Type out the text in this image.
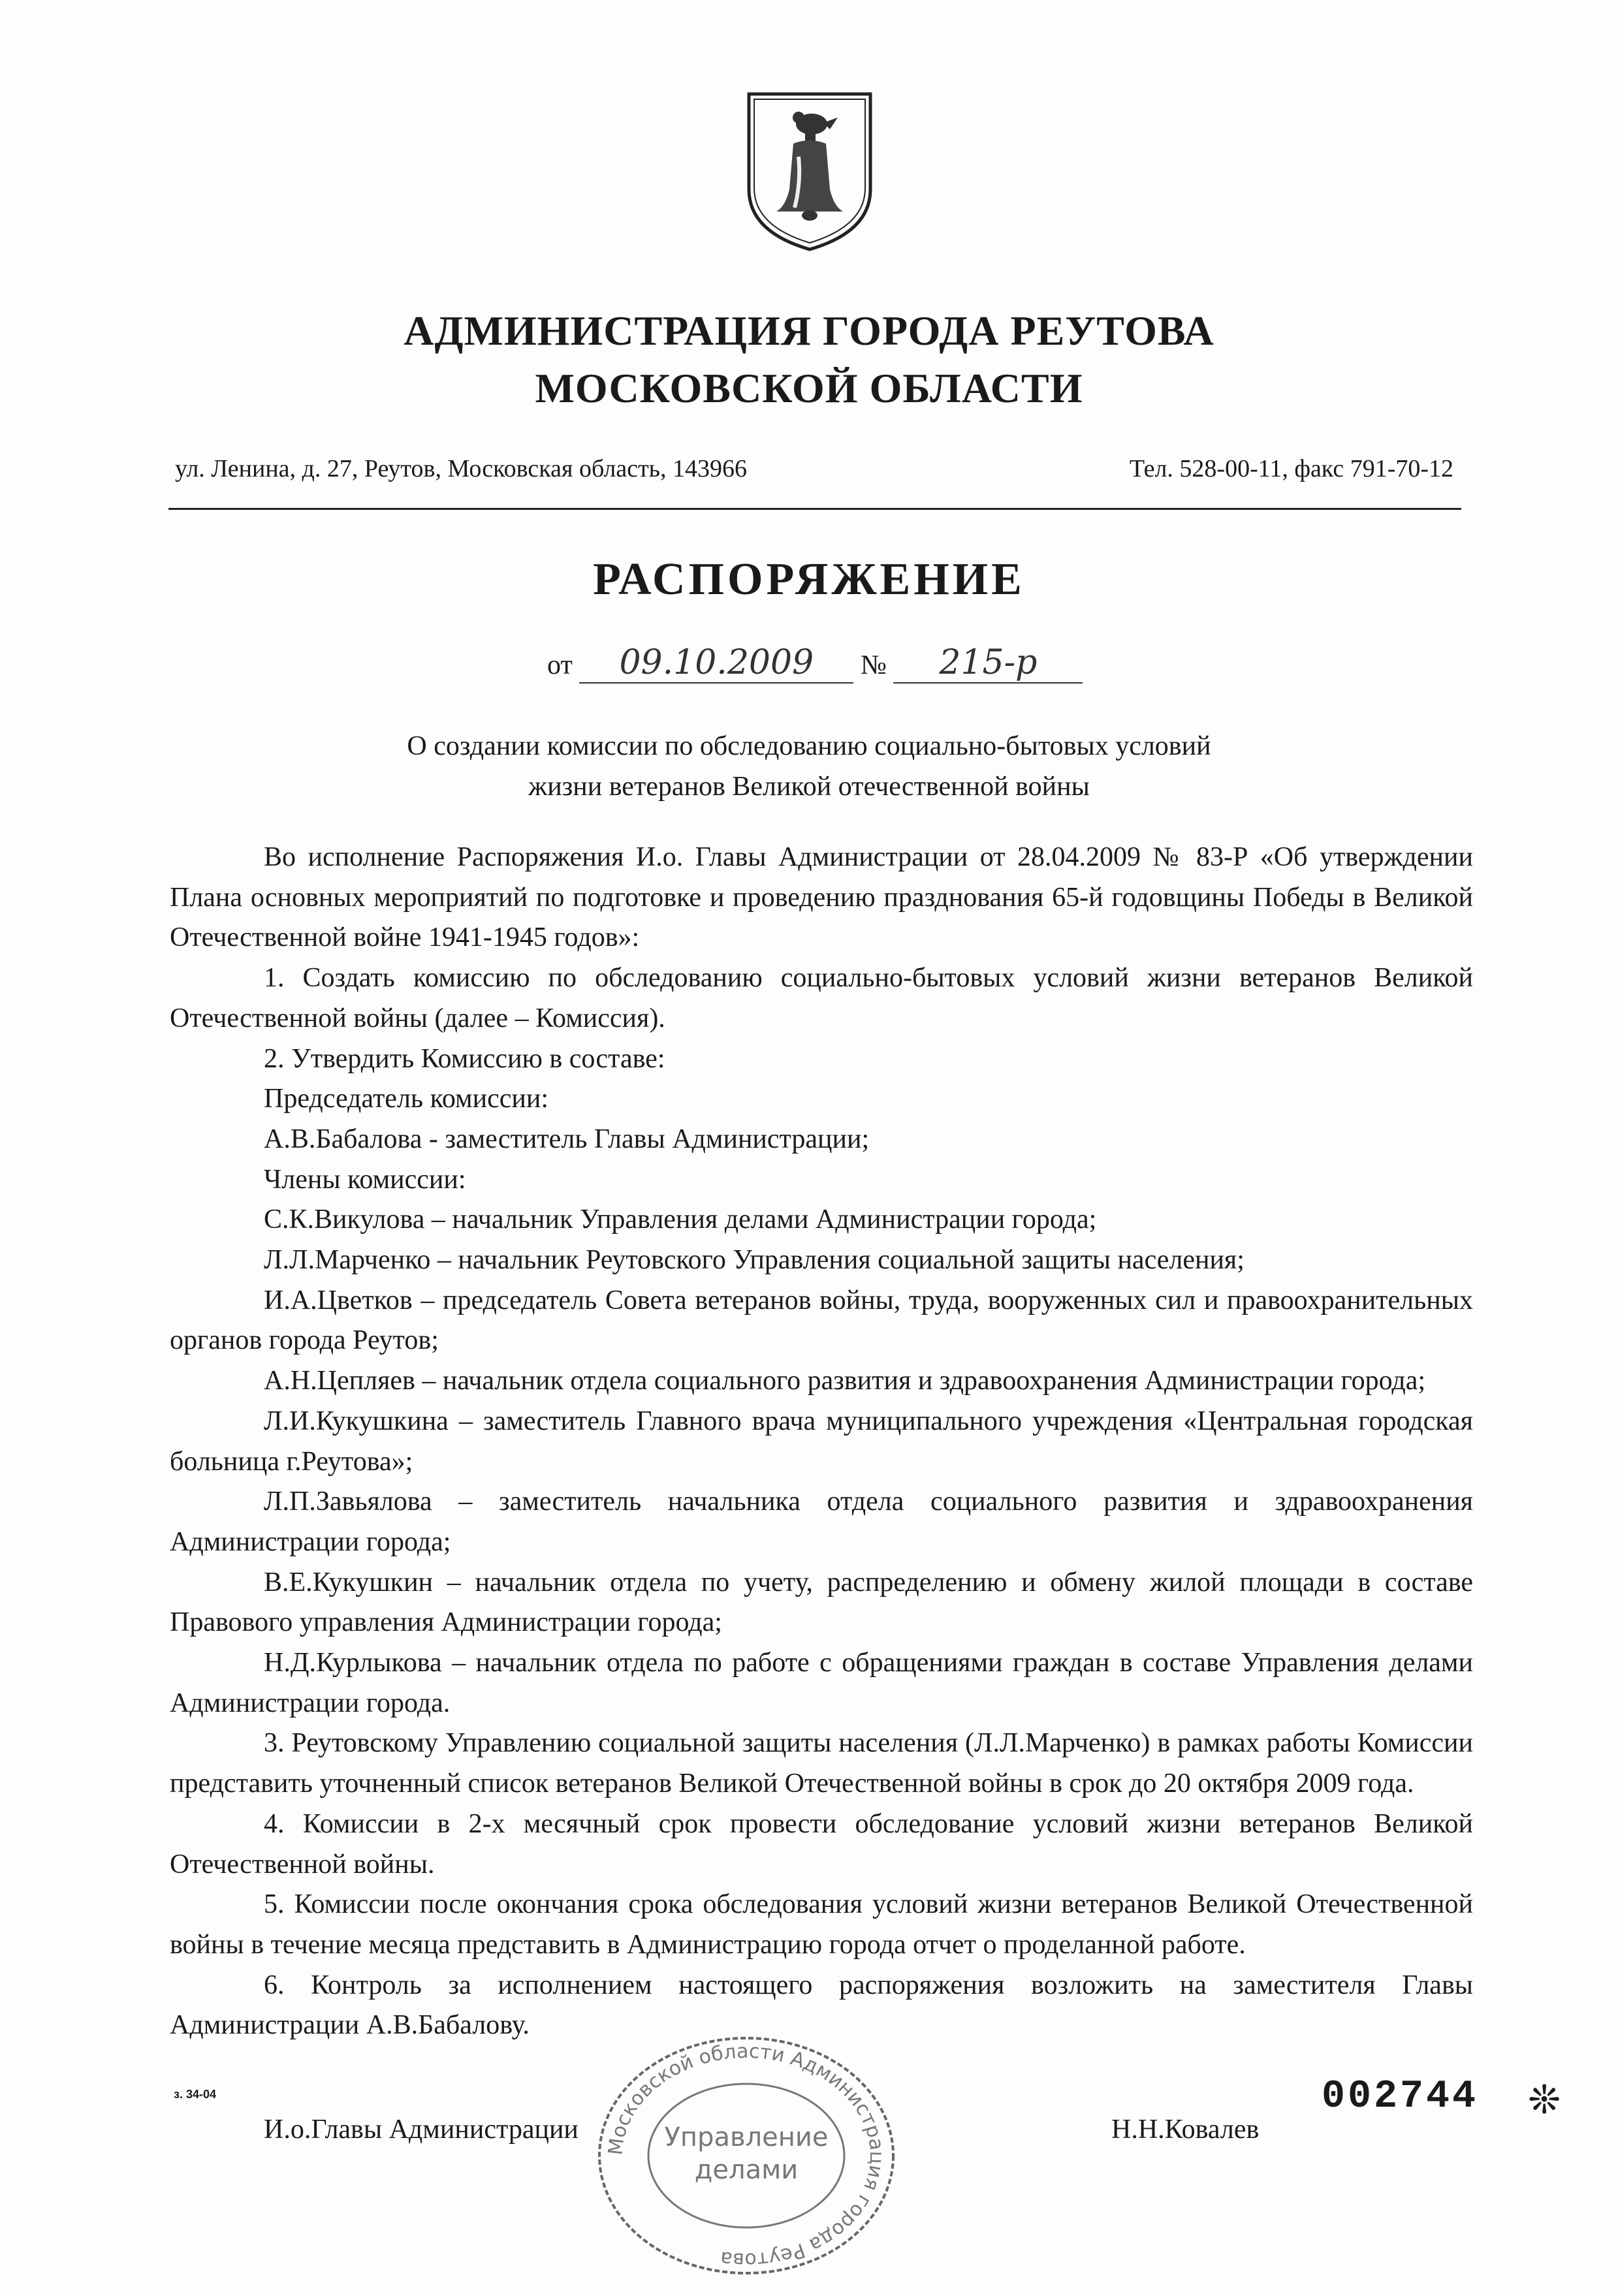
АДМИНИСТРАЦИЯ ГОРОДА РЕУТОВА
МОСКОВСКОЙ ОБЛАСТИ
ул. Ленина, д. 27, Реутов, Московская область, 143966	Тел. 528-00-11, факс 791-70-12
РАСПОРЯЖЕНИЕ
от 09.10.2009 № 215-р
О создании комиссии по обследованию социально-бытовых условий
жизни ветеранов Великой отечественной войны

Во исполнение Распоряжения И.о. Главы Администрации от 28.04.2009 № 83-Р «Об утверждении Плана основных мероприятий по подготовке и проведению празднования 65-й годовщины Победы в Великой Отечественной войне 1941-1945 годов»:

1. Создать комиссию по обследованию социально-бытовых условий жизни ветеранов Великой Отечественной войны (далее – Комиссия).

2. Утвердить Комиссию в составе:

Председатель комиссии:

А.В.Бабалова - заместитель Главы Администрации;

Члены комиссии:

С.К.Викулова – начальник Управления делами Администрации города;

Л.Л.Марченко – начальник Реутовского Управления социальной защиты населения;

И.А.Цветков – председатель Совета ветеранов войны, труда, вооруженных сил и правоохранительных органов города Реутов;

А.Н.Цепляев – начальник отдела социального развития и здравоохранения Администрации города;

Л.И.Кукушкина – заместитель Главного врача муниципального учреждения «Центральная городская больница г.Реутова»;

Л.П.Завьялова – заместитель начальника отдела социального развития и здравоохранения Администрации города;

В.Е.Кукушкин – начальник отдела по учету, распределению и обмену жилой площади в составе Правового управления Администрации города;

Н.Д.Курлыкова – начальник отдела по работе с обращениями граждан в составе Управления делами Администрации города.

3. Реутовскому Управлению социальной защиты населения (Л.Л.Марченко) в рамках работы Комиссии представить уточненный список ветеранов Великой Отечественной войны в срок до 20 октября 2009 года.

4. Комиссии в 2-х месячный срок провести обследование условий жизни ветеранов Великой Отечественной войны.

5. Комиссии после окончания срока обследования условий жизни ветеранов Великой Отечественной войны в течение месяца представить в Администрацию города отчет о проделанной работе.

6. Контроль за исполнением настоящего распоряжения возложить на заместителя Главы Администрации А.В.Бабалову.

з. 34-04	002744 ❊
И.о.Главы Администрации	Н.Н.Ковалев
Московской области Администрация города Реутова
Управление
делами
